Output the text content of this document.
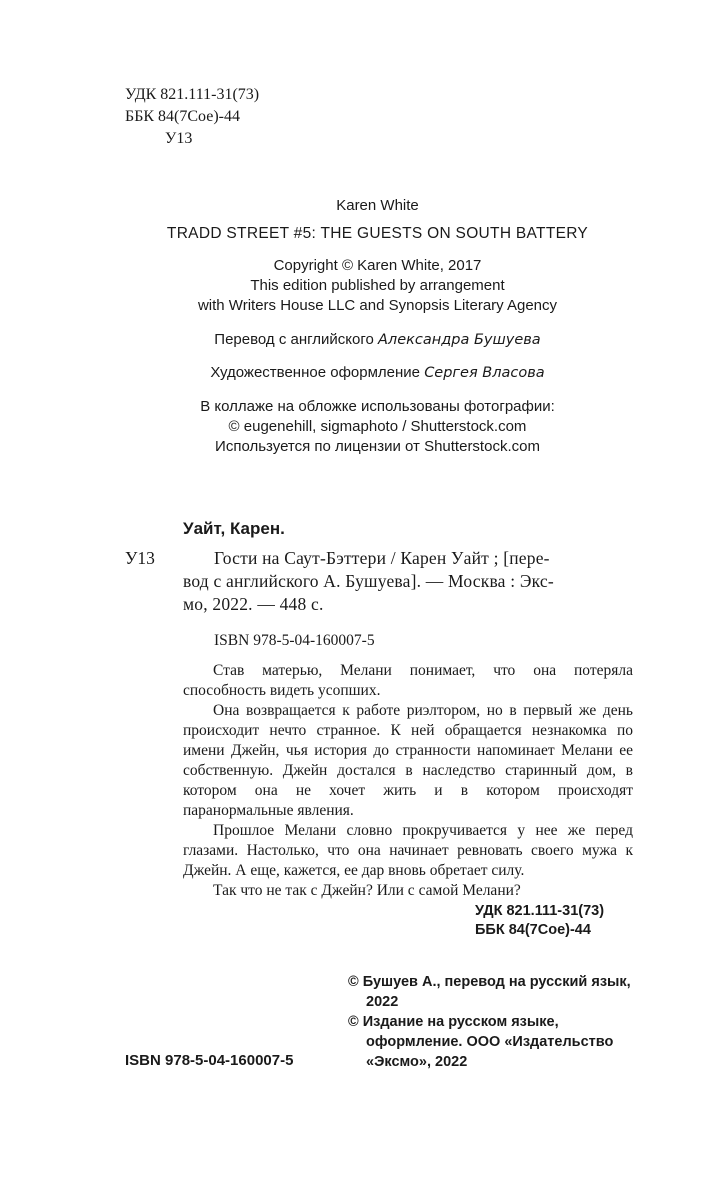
УДК 821.111-31(73)
ББК 84(7Сое)-44
У13
Karen White
TRADD STREET #5: THE GUESTS ON SOUTH BATTERY
Copyright © Karen White, 2017
This edition published by arrangement
with Writers House LLC and Synopsis Literary Agency
Перевод с английского Александра Бушуева
Художественное оформление Сергея Власова
В коллаже на обложке использованы фотографии:
© eugenehill, sigmaphoto / Shutterstock.com
Используется по лицензии от Shutterstock.com
Уайт, Карен.
У13	Гости на Саут-Бэттери / Карен Уайт ; [пере-
вод с английского А. Бушуева]. — Москва : Экс-
мо, 2022. — 448 с.
ISBN 978-5-04-160007-5

Став матерью, Мелани понимает, что она потеряла способность видеть усопших.

Она возвращается к работе риэлтором, но в первый же день происходит нечто странное. К ней обращается незнакомка по имени Джейн, чья история до странности напоминает Мелани ее собственную. Джейн достался в наследство старинный дом, в котором она не хочет жить и в котором происходят паранормальные явления.

Прошлое Мелани словно прокручивается у нее же перед глазами. Настолько, что она начинает ревновать своего мужа к Джейн. А еще, кажется, ее дар вновь обретает силу.

Так что не так с Джейн? Или с самой Мелани?

УДК 821.111-31(73)
ББК 84(7Сое)-44
ISBN 978-5-04-160007-5
© Бушуев А., перевод на русский язык,
2022
© Издание на русском языке,
оформление. ООО «Издательство
«Эксмо», 2022
